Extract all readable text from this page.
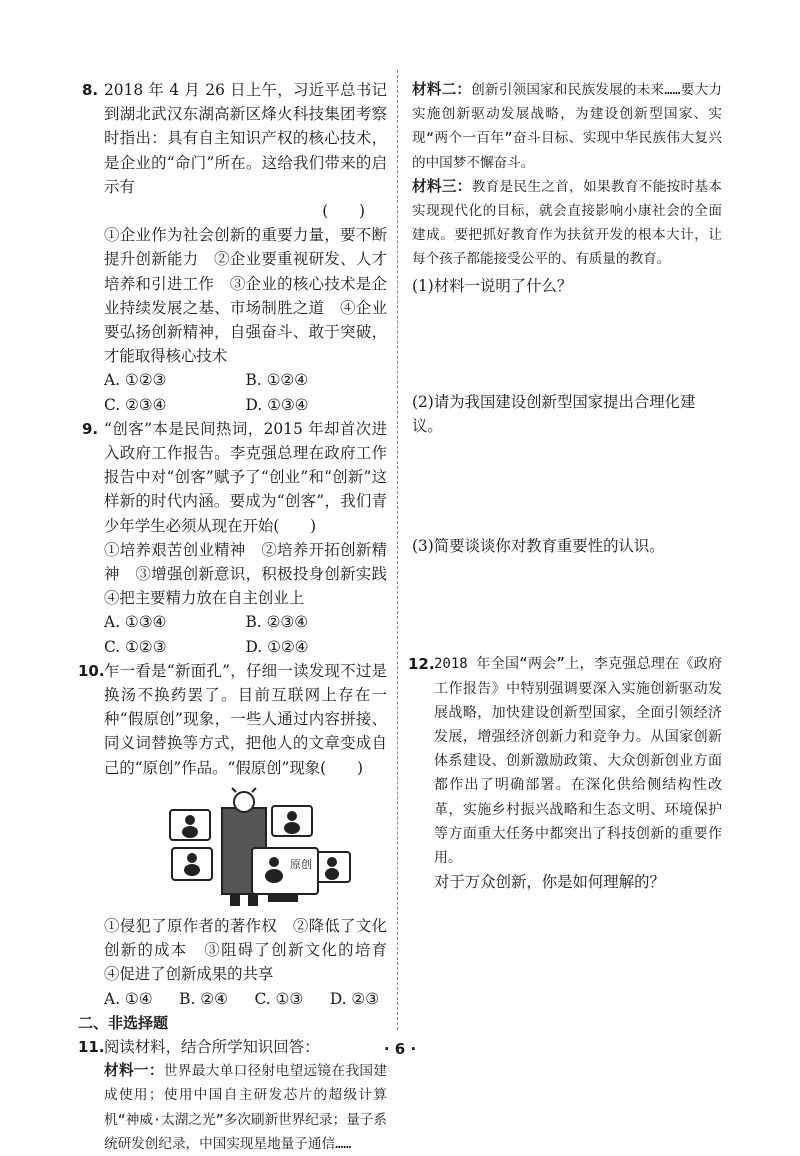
8. 2018 年 4 月 26 日上午，习近平总书记到湖北武汉东湖高新区烽火科技集团考察时指出：具有自主知识产权的核心技术，是企业的“命门”所在。这给我们带来的启示有

(　　)

①企业作为社会创新的重要力量，要不断提升创新能力　②企业要重视研发、人才培养和引进工作　③企业的核心技术是企业持续发展之基、市场制胜之道　④企业要弘扬创新精神，自强奋斗、敢于突破，才能取得核心技术

A. ①②③	B. ①②④
C. ②③④	D. ①③④
9. “创客”本是民间热词，2015 年却首次进入政府工作报告。李克强总理在政府工作报告中对“创客”赋予了“创业”和“创新”这样新的时代内涵。要成为“创客”，我们青少年学生必须从现在开始(　　)

①培养艰苦创业精神　②培养开拓创新精神　③增强创新意识，积极投身创新实践　④把主要精力放在自主创业上

A. ①③④	B. ②③④
C. ①②③	D. ①②④
10. 乍一看是“新面孔”，仔细一读发现不过是换汤不换药罢了。目前互联网上存在一种“假原创”现象，一些人通过内容拼接、同义词替换等方式，把他人的文章变成自己的“原创”作品。“假原创”现象(　　)

原创

①侵犯了原作者的著作权　②降低了文化创新的成本　③阻碍了创新文化的培育　④促进了创新成果的共享

A. ①④ B. ②④ C. ①③ D. ②③
二、非选择题
11. 阅读材料，结合所学知识回答：

材料一：世界最大单口径射电望远镜在我国建成使用；使用中国自主研发芯片的超级计算机“神威·太湖之光”多次刷新世界纪录；量子系统研发创纪录，中国实现星地量子通信……

材料二：创新引领国家和民族发展的未来……要大力实施创新驱动发展战略，为建设创新型国家、实现“两个一百年”奋斗目标、实现中华民族伟大复兴的中国梦不懈奋斗。

材料三：教育是民生之首，如果教育不能按时基本实现现代化的目标，就会直接影响小康社会的全面建成。要把抓好教育作为扶贫开发的根本大计，让每个孩子都能接受公平的、有质量的教育。

(1)材料一说明了什么？

(2)请为我国建设创新型国家提出合理化建议。

(3)简要谈谈你对教育重要性的认识。

12. 2018 年全国“两会”上，李克强总理在《政府工作报告》中特别强调要深入实施创新驱动发展战略，加快建设创新型国家，全面引领经济发展，增强经济创新力和竞争力。从国家创新体系建设、创新激励政策、大众创新创业方面都作出了明确部署。在深化供给侧结构性改革，实施乡村振兴战略和生态文明、环境保护等方面重大任务中都突出了科技创新的重要作用。

对于万众创新，你是如何理解的？

· 6 ·
